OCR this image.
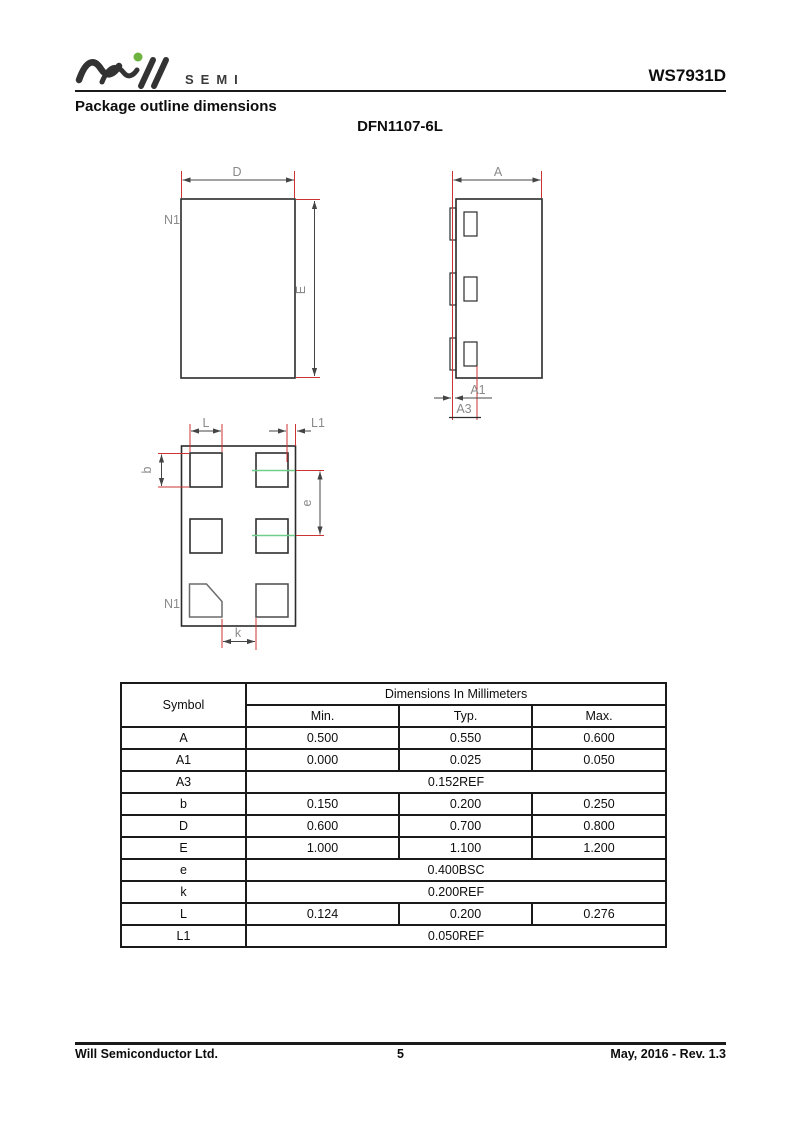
SEMI	WS7931D
Package outline dimensions
DFN1107-6L
D
E
N1
A
A1
A3
L	L1
b
e
k
N1
Symbol	Dimensions In Millimeters		
	Min.	Typ.	Max.
A	0.500	0.550	0.600
A1	0.000	0.025	0.050
A3	0.152REF		
b	0.150	0.200	0.250
D	0.600	0.700	0.800
E	1.000	1.100	1.200
e	0.400BSC		
k	0.200REF		
L	0.124	0.200	0.276
L1	0.050REF		
Will Semiconductor Ltd.	5	May, 2016 - Rev. 1.3
